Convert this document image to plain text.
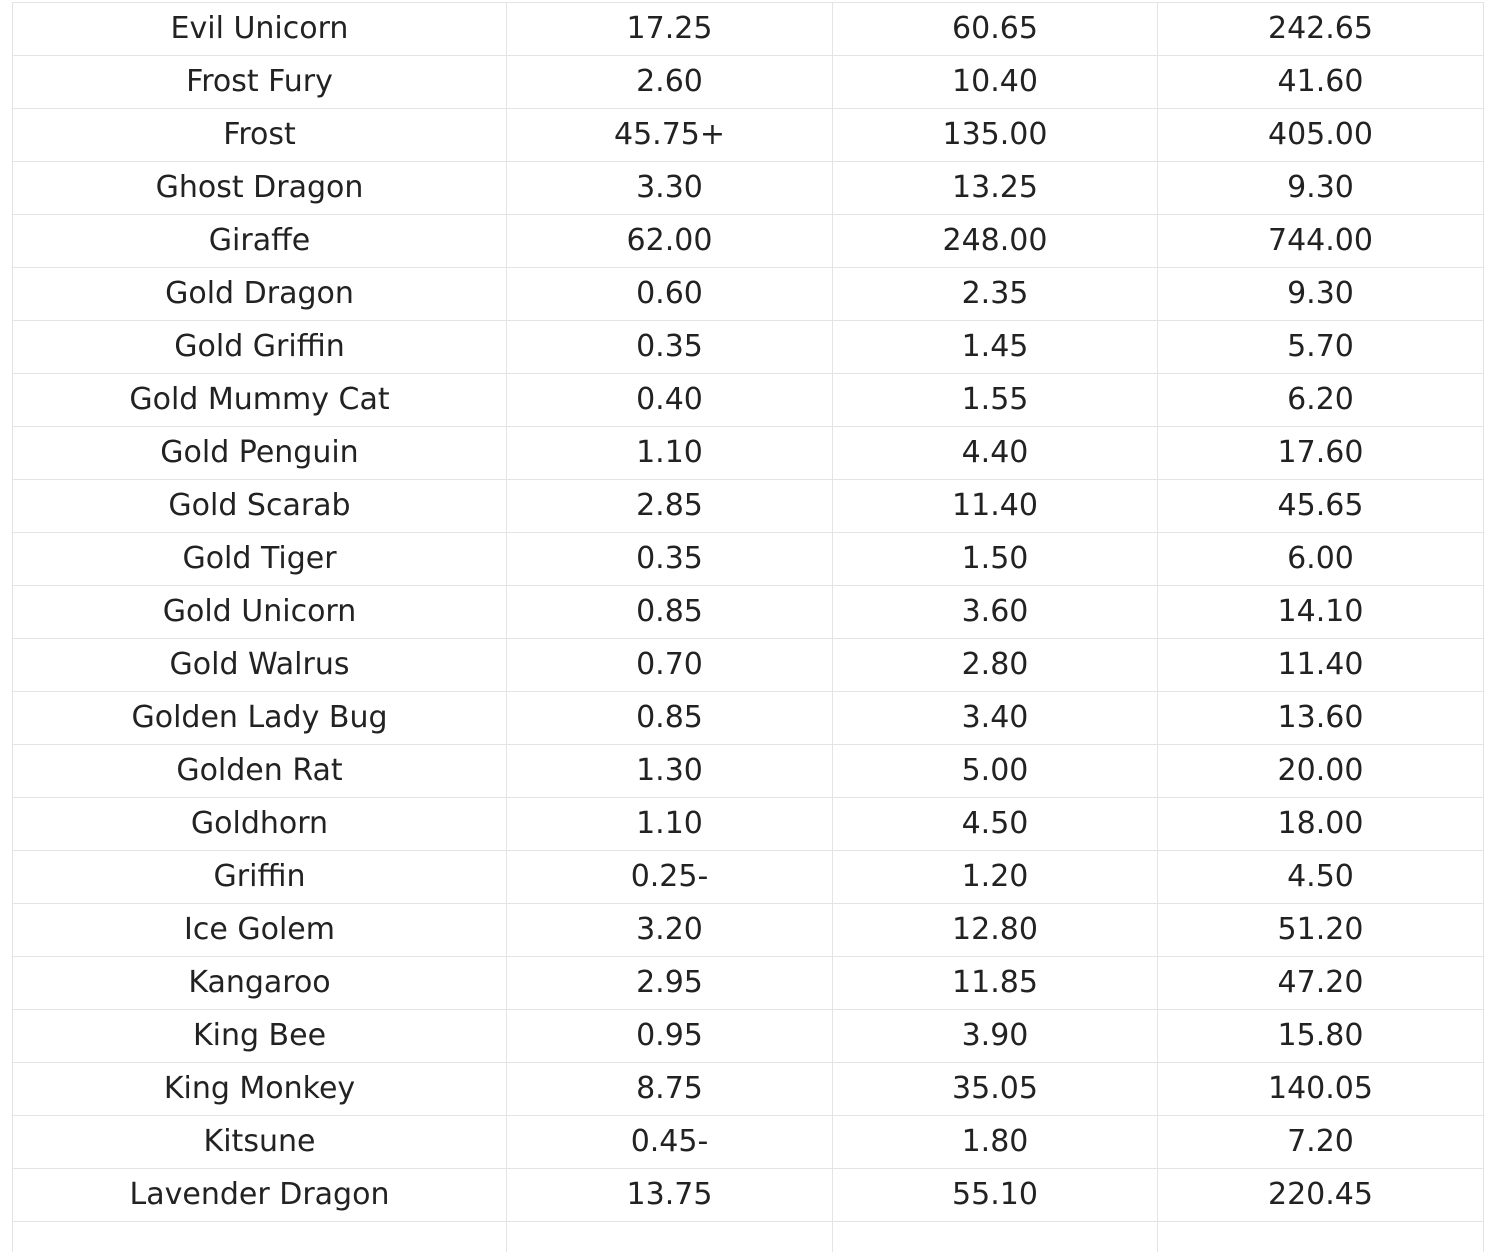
Evil Unicorn	17.25	60.65	242.65
Frost Fury	2.60	10.40	41.60
Frost	45.75+	135.00	405.00
Ghost Dragon	3.30	13.25	9.30
Giraffe	62.00	248.00	744.00
Gold Dragon	0.60	2.35	9.30
Gold Griffin	0.35	1.45	5.70
Gold Mummy Cat	0.40	1.55	6.20
Gold Penguin	1.10	4.40	17.60
Gold Scarab	2.85	11.40	45.65
Gold Tiger	0.35	1.50	6.00
Gold Unicorn	0.85	3.60	14.10
Gold Walrus	0.70	2.80	11.40
Golden Lady Bug	0.85	3.40	13.60
Golden Rat	1.30	5.00	20.00
Goldhorn	1.10	4.50	18.00
Griffin	0.25-	1.20	4.50
Ice Golem	3.20	12.80	51.20
Kangaroo	2.95	11.85	47.20
King Bee	0.95	3.90	15.80
King Monkey	8.75	35.05	140.05
Kitsune	0.45-	1.80	7.20
Lavender Dragon	13.75	55.10	220.45
